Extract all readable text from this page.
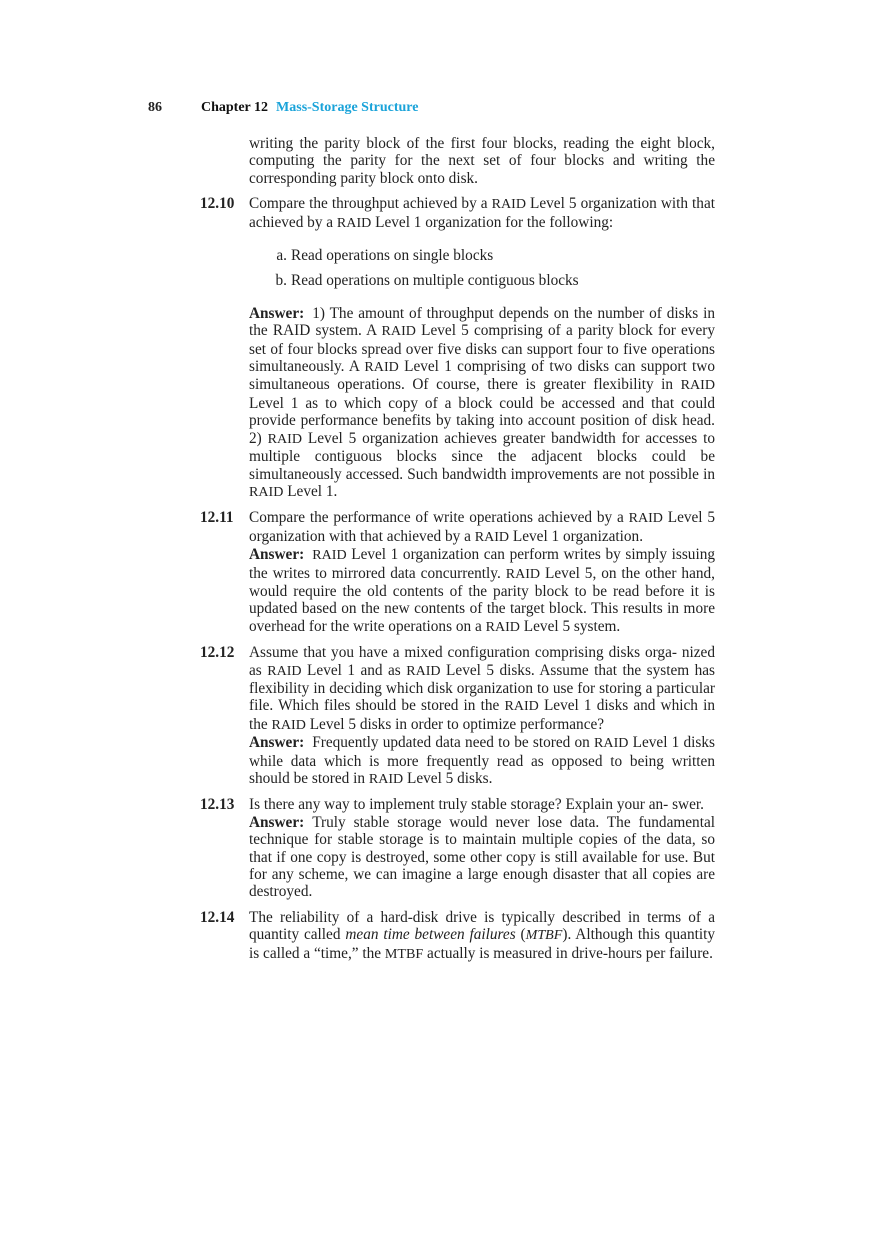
86	Chapter 12 Mass-Storage Structure

writing the parity block of the first four blocks, reading the eight block, computing the parity for the next set of four blocks and writing the corresponding parity block onto disk.

12.10 Compare the throughput achieved by a RAID Level 5 organization with that achieved by a RAID Level 1 organization for the following:

a. Read operations on single blocks
b. Read operations on multiple contiguous blocks

Answer: 1) The amount of throughput depends on the number of disks in the RAID system. A RAID Level 5 comprising of a parity block for every set of four blocks spread over five disks can support four to five operations simultaneously. A RAID Level 1 comprising of two disks can support two simultaneous operations. Of course, there is greater flexibility in RAID Level 1 as to which copy of a block could be accessed and that could provide performance benefits by taking into account position of disk head. 2) RAID Level 5 organization achieves greater bandwidth for accesses to multiple contiguous blocks since the adjacent blocks could be simultaneously accessed. Such bandwidth improvements are not possible in RAID Level 1.

12.11 Compare the performance of write operations achieved by a RAID Level 5 organization with that achieved by a RAID Level 1 organization.

Answer: RAID Level 1 organization can perform writes by simply issuing the writes to mirrored data concurrently. RAID Level 5, on the other hand, would require the old contents of the parity block to be read before it is updated based on the new contents of the target block. This results in more overhead for the write operations on a RAID Level 5 system.

12.12 Assume that you have a mixed configuration comprising disks orga- nized as RAID Level 1 and as RAID Level 5 disks. Assume that the system has flexibility in deciding which disk organization to use for storing a particular file. Which files should be stored in the RAID Level 1 disks and which in the RAID Level 5 disks in order to optimize performance?

Answer: Frequently updated data need to be stored on RAID Level 1 disks while data which is more frequently read as opposed to being written should be stored in RAID Level 5 disks.

12.13 Is there any way to implement truly stable storage? Explain your an- swer.

Answer: Truly stable storage would never lose data. The fundamental technique for stable storage is to maintain multiple copies of the data, so that if one copy is destroyed, some other copy is still available for use. But for any scheme, we can imagine a large enough disaster that all copies are destroyed.

12.14 The reliability of a hard-disk drive is typically described in terms of a quantity called mean time between failures (MTBF). Although this quantity is called a “time,” the MTBF actually is measured in drive-hours per failure.
